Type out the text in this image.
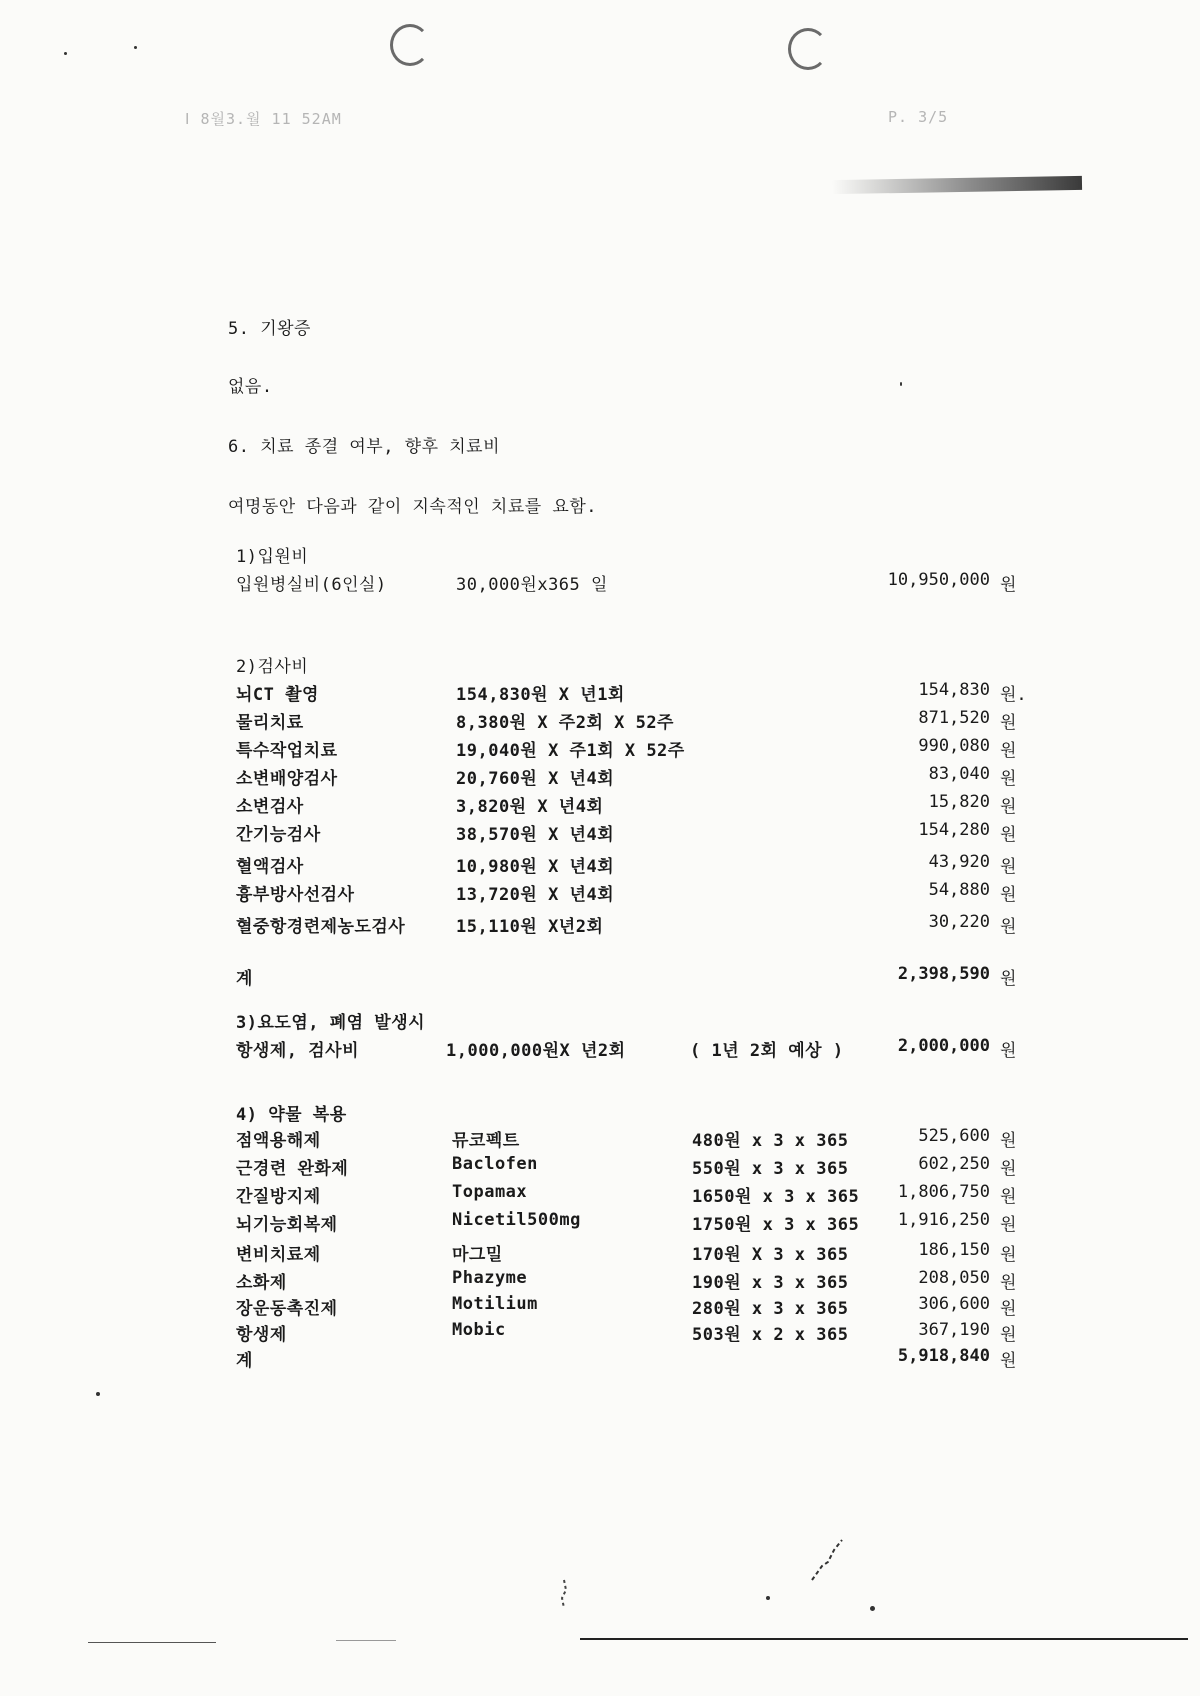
Ⅰ 8월3.월 11 52AM	P. 3/5
5. 기왕증
없음.
6. 치료 종결 여부, 향후 치료비
여명동안 다음과 같이 지속적인 치료를 요함.
1)입원비
입원병실비(6인실)	30,000원x365 일	10,950,000 원
2)검사비
뇌CT 촬영	154,830원 X 년1회	154,830 원.
물리치료	8,380원 X 주2회 X 52주	871,520 원
특수작업치료	19,040원 X 주1회 X 52주	990,080 원
소변배양검사	20,760원 X 년4회	83,040 원
소변검사	3,820원 X 년4회	15,820 원
간기능검사	38,570원 X 년4회	154,280 원
혈액검사	10,980원 X 년4회	43,920 원
흉부방사선검사	13,720원 X 년4회	54,880 원
혈중항경련제농도검사	15,110원 X년2회	30,220 원
계	2,398,590 원
3)요도염, 폐염 발생시
항생제, 검사비	1,000,000원X 년2회	( 1년 2회 예상 )	2,000,000 원
4) 약물 복용
점액용해제	뮤코펙트	480원 x 3 x 365	525,600 원
근경련 완화제	Baclofen	550원 x 3 x 365	602,250 원
간질방지제	Topamax	1650원 x 3 x 365	1,806,750 원
뇌기능회복제	Nicetil500mg	1750원 x 3 x 365	1,916,250 원
변비치료제	마그밀	170원 X 3 x 365	186,150 원
소화제	Phazyme	190원 x 3 x 365	208,050 원
장운동촉진제	Motilium	280원 x 3 x 365	306,600 원
항생제	Mobic	503원 x 2 x 365	367,190 원
계	5,918,840 원
